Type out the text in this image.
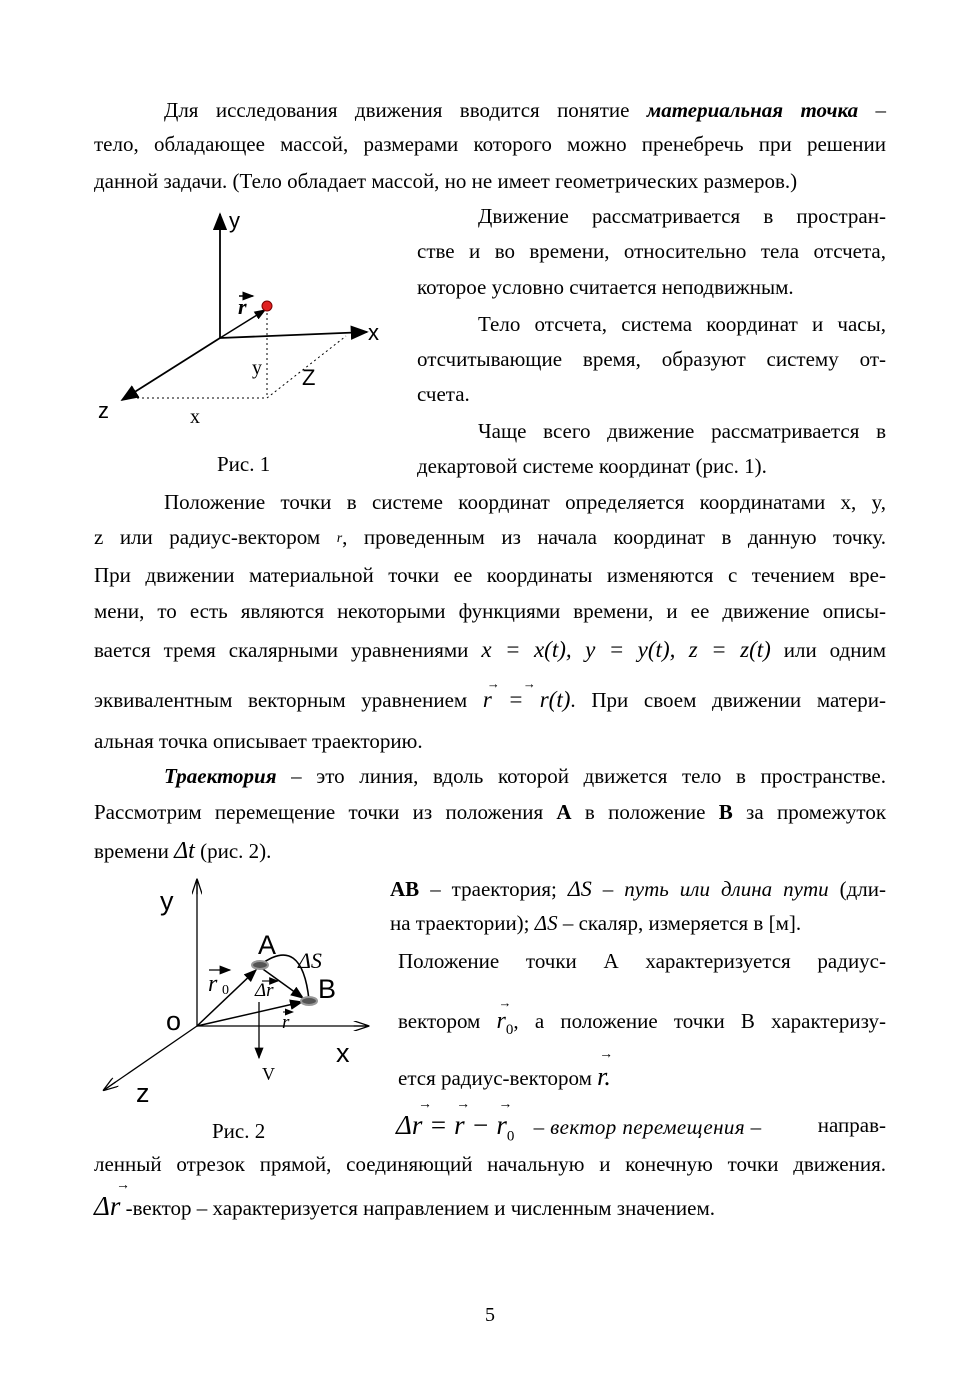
Для исследования движения вводится понятие материальная точка –
тело, обладающее массой, размерами которого можно пренебречь при решении
данной задачи. (Тело обладает массой, но не имеет геометрических размеров.)
Движение рассматривается в простран-
стве и во времени, относительно тела отсчета,
которое условно считается неподвижным.
Тело отсчета, система координат и часы,
отсчитывающие время, образуют систему от-
счета.
Чаще всего движение рассматривается в
декартовой системе координат (рис. 1).
y
x
z
r
y Z
x
Рис. 1
Положение точки в системе координат определяется координатами x, y,
z или радиус-вектором r, проведенным из начала координат в данную точку.
При движении материальной точки ее координаты изменяются с течением вре-
мени, то есть являются некоторыми функциями времени, и ее движение описы-
вается тремя скалярными уравнениями x = x(t), y = y(t), z = z(t) или одним
эквивалентным векторным уравнением
→ →
r = r(t). При своем движении матери-
альная точка описывает траекторию.
Траектория – это линия, вдоль которой движется тело в пространстве.
Рассмотрим перемещение точки из положения А в положение В за промежуток
времени Δt (рис. 2).
АВ – траектория; ΔS – путь или длина пути (дли-
на траектории); ΔS – скаляр, измеряется в [м].
Положение точки А характеризуется радиус-
вектором
→
$r_0$, а положение точки В характеризу-
ется радиус-вектором
→
r.
→
Δr =
→
r −
→
$r_0$ – вектор перемещения –	направ-
y
o
x
z
A
B
ΔS
r 0 Δr
r
V
Рис. 2
ленный отрезок прямой, соединяющий начальную и конечную точки движения.
→
Δr -вектор – характеризуется направлением и численным значением.
5
